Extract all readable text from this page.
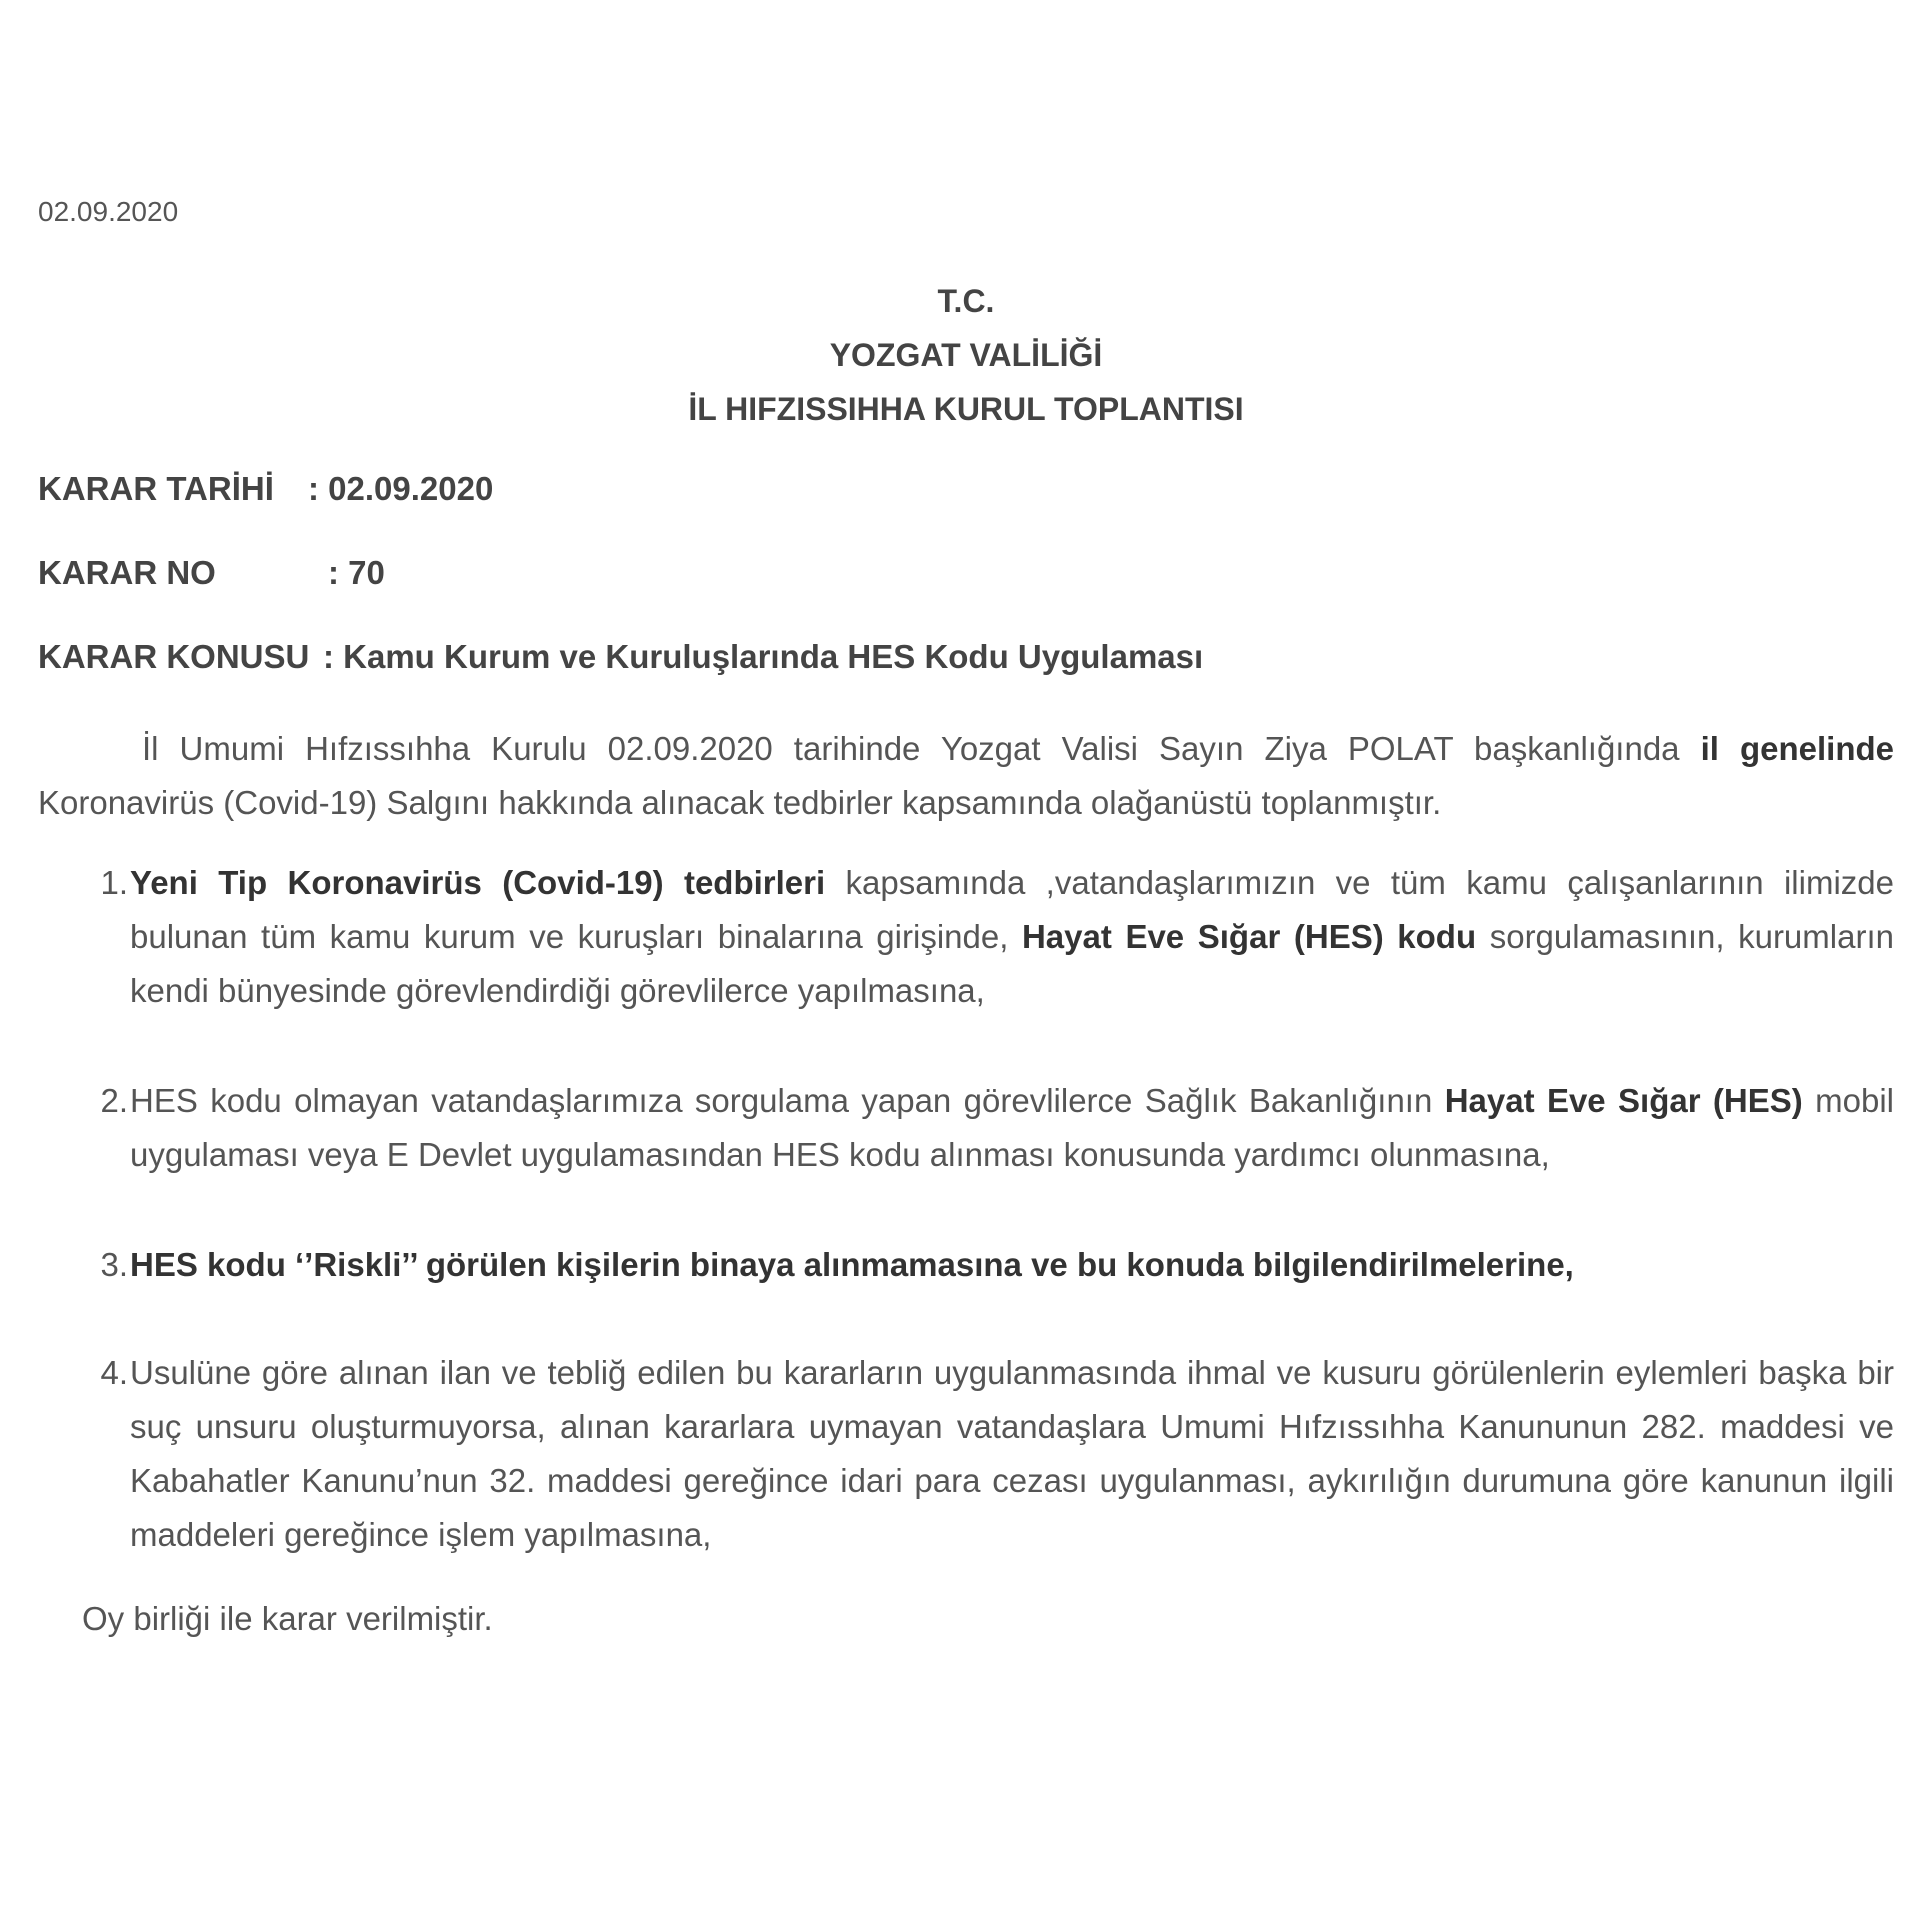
02.09.2020
T.C.
YOZGAT VALİLİĞİ
İL HIFZISSIHHA KURUL TOPLANTISI
KARAR TARİHİ : 02.09.2020
KARAR NO	: 70
KARAR KONUSU : Kamu Kurum ve Kuruluşlarında HES Kodu Uygulaması
İl Umumi Hıfzıssıhha Kurulu 02.09.2020 tarihinde Yozgat Valisi Sayın Ziya POLAT başkanlığında il genelinde Koronavirüs (Covid-19) Salgını hakkında alınacak tedbirler kapsamında olağanüstü toplanmıştır.
1. Yeni Tip Koronavirüs (Covid-19) tedbirleri kapsamında ,vatandaşlarımızın ve tüm kamu çalışanlarının ilimizde bulunan tüm kamu kurum ve kuruşları binalarına girişinde, Hayat Eve Sığar (HES) kodu sorgulamasının, kurumların kendi bünyesinde görevlendirdiği görevlilerce yapılmasına,
2. HES kodu olmayan vatandaşlarımıza sorgulama yapan görevlilerce Sağlık Bakanlığının Hayat Eve Sığar (HES) mobil uygulaması veya E Devlet uygulamasından HES kodu alınması konusunda yardımcı olunmasına,
3. HES kodu ‘’Riskli’’ görülen kişilerin binaya alınmamasına ve bu konuda bilgilendirilmelerine,
4. Usulüne göre alınan ilan ve tebliğ edilen bu kararların uygulanmasında ihmal ve kusuru görülenlerin eylemleri başka bir suç unsuru oluşturmuyorsa, alınan kararlara uymayan vatandaşlara Umumi Hıfzıssıhha Kanununun 282. maddesi ve Kabahatler Kanunu’nun 32. maddesi gereğince idari para cezası uygulanması, aykırılığın durumuna göre kanunun ilgili maddeleri gereğince işlem yapılmasına,
Oy birliği ile karar verilmiştir.
